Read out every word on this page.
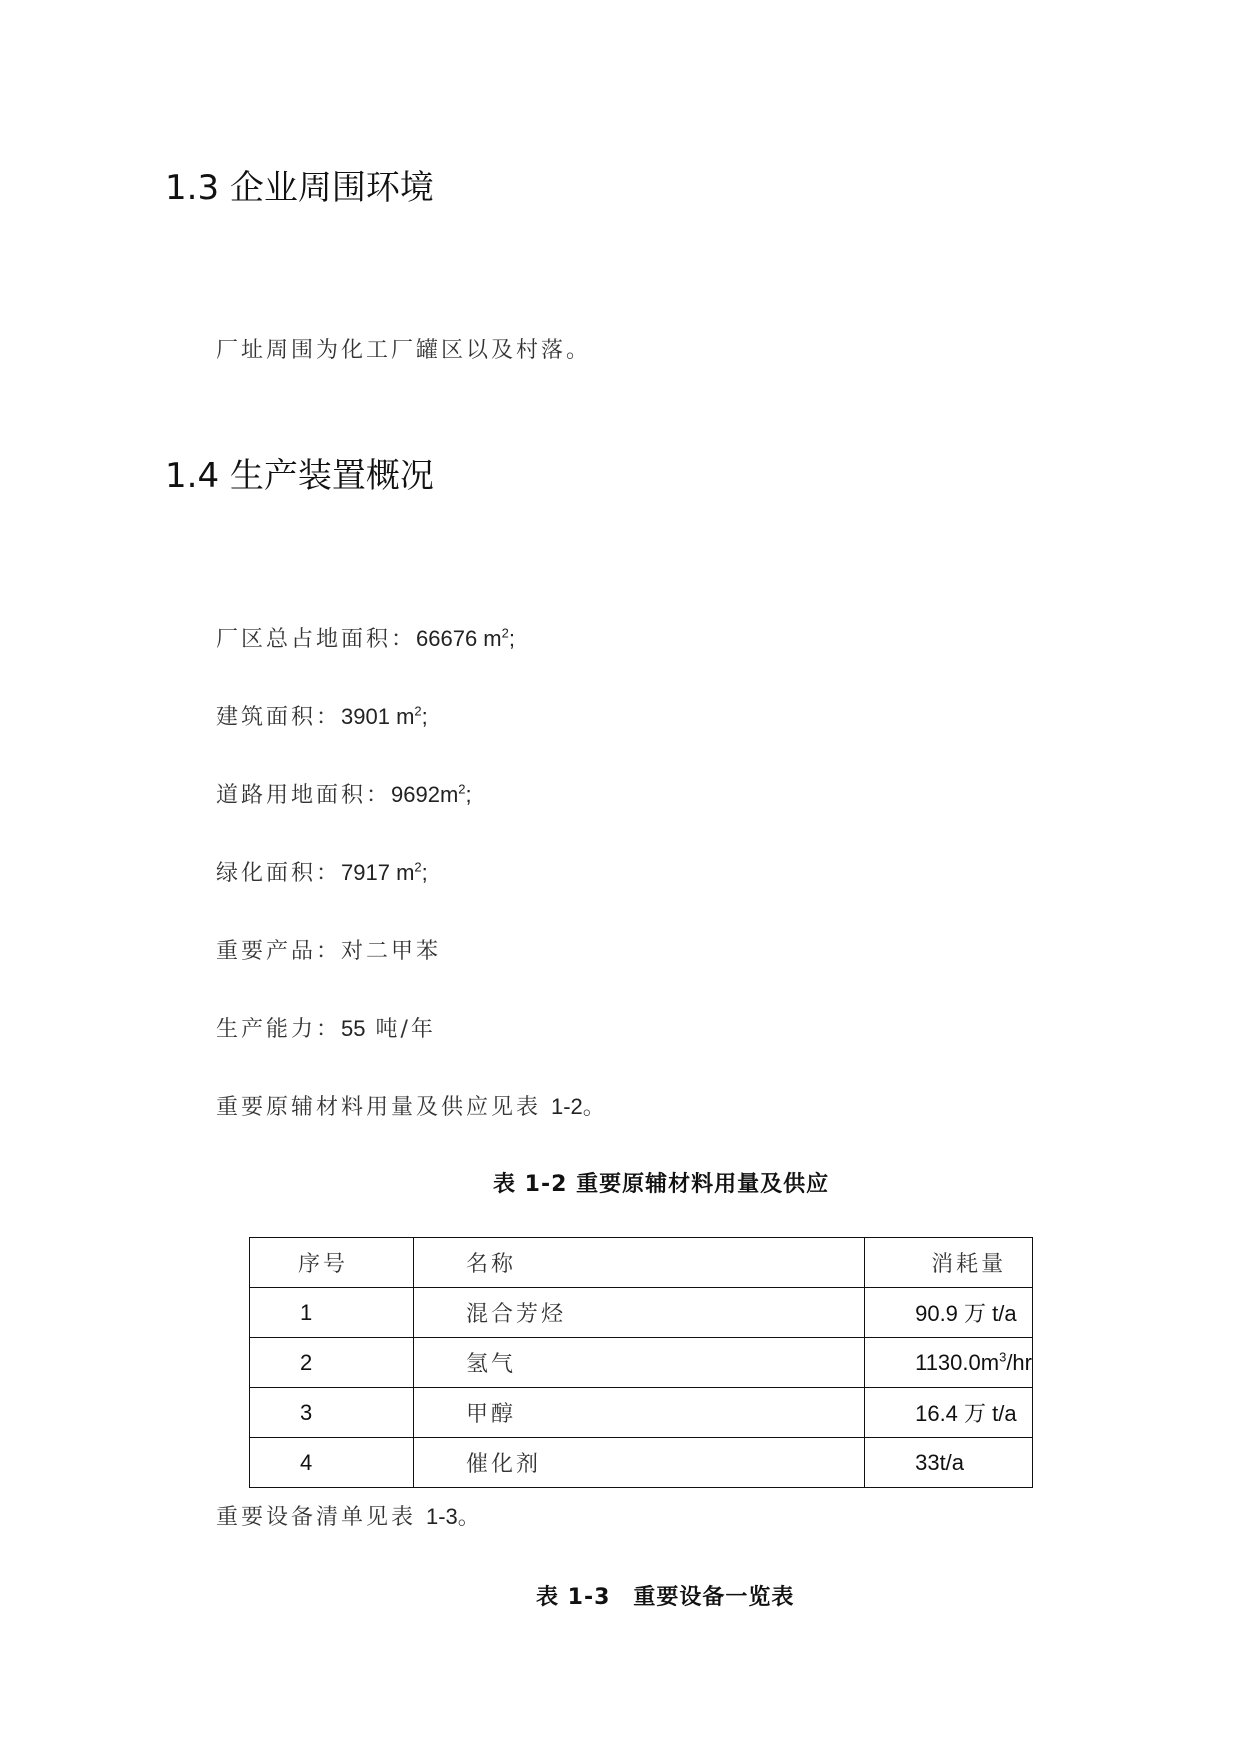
1.3 企业周围环境
厂址周围为化工厂罐区以及村落。
1.4 生产装置概况
厂区总占地面积：66676 $m^2$;
建筑面积：3901 $m^2$;
道路用地面积：$9692m^2$;
绿化面积：7917 $m^2$;
重要产品：对二甲苯
生产能力：55 吨/年
重要原辅材料用量及供应见表 1-2。
表 1-2 重要原辅材料用量及供应
序号	名称	消耗量
1	混合芳烃	90.9 万 t/a
2	氢气	$1130.0m^3/hr$
3	甲醇	16.4 万 t/a
4	催化剂	33t/a
重要设备清单见表 1-3。
表 1-3　重要设备一览表
